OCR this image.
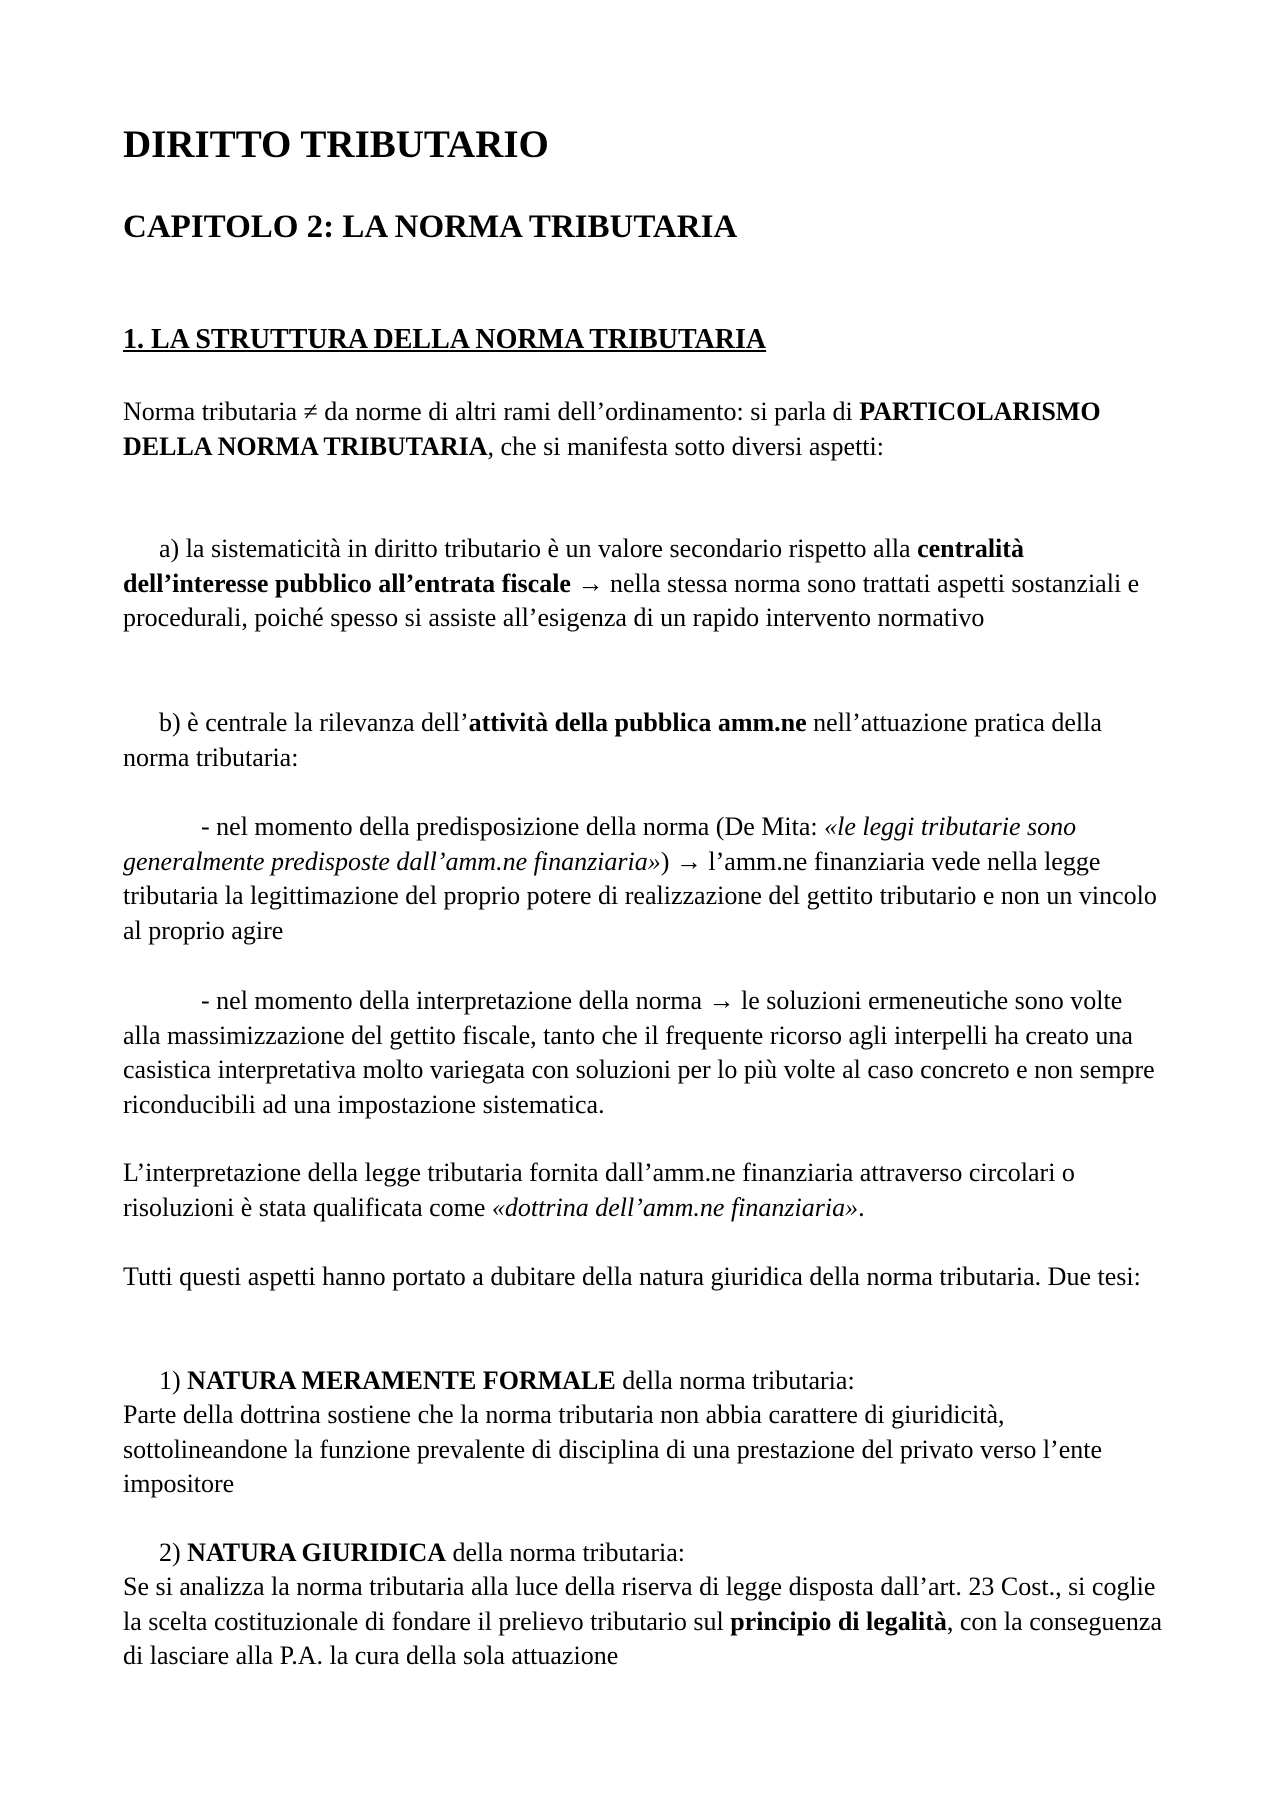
DIRITTO TRIBUTARIO
CAPITOLO 2: LA NORMA TRIBUTARIA
1. LA STRUTTURA DELLA NORMA TRIBUTARIA

Norma tributaria ≠ da norme di altri rami dell’ordinamento: si parla di PARTICOLARISMO DELLA NORMA TRIBUTARIA, che si manifesta sotto diversi aspetti:

a) la sistematicità in diritto tributario è un valore secondario rispetto alla centralità dell’interesse pubblico all’entrata fiscale → nella stessa norma sono trattati aspetti sostanziali e procedurali, poiché spesso si assiste all’esigenza di un rapido intervento normativo

b) è centrale la rilevanza dell’attività della pubblica amm.ne nell’attuazione pratica della norma tributaria:

- nel momento della predisposizione della norma (De Mita: «le leggi tributarie sono generalmente predisposte dall’amm.ne finanziaria») → l’amm.ne finanziaria vede nella legge tributaria la legittimazione del proprio potere di realizzazione del gettito tributario e non un vincolo al proprio agire

- nel momento della interpretazione della norma → le soluzioni ermeneutiche sono volte alla massimizzazione del gettito fiscale, tanto che il frequente ricorso agli interpelli ha creato una casistica interpretativa molto variegata con soluzioni per lo più volte al caso concreto e non sempre riconducibili ad una impostazione sistematica.

L’interpretazione della legge tributaria fornita dall’amm.ne finanziaria attraverso circolari o risoluzioni è stata qualificata come «dottrina dell’amm.ne finanziaria».

Tutti questi aspetti hanno portato a dubitare della natura giuridica della norma tributaria. Due tesi:

1) NATURA MERAMENTE FORMALE della norma tributaria:

Parte della dottrina sostiene che la norma tributaria non abbia carattere di giuridicità, sottolineandone la funzione prevalente di disciplina di una prestazione del privato verso l’ente impositore

2) NATURA GIURIDICA della norma tributaria:

Se si analizza la norma tributaria alla luce della riserva di legge disposta dall’art. 23 Cost., si coglie la scelta costituzionale di fondare il prelievo tributario sul principio di legalità, con la conseguenza di lasciare alla P.A. la cura della sola attuazione
